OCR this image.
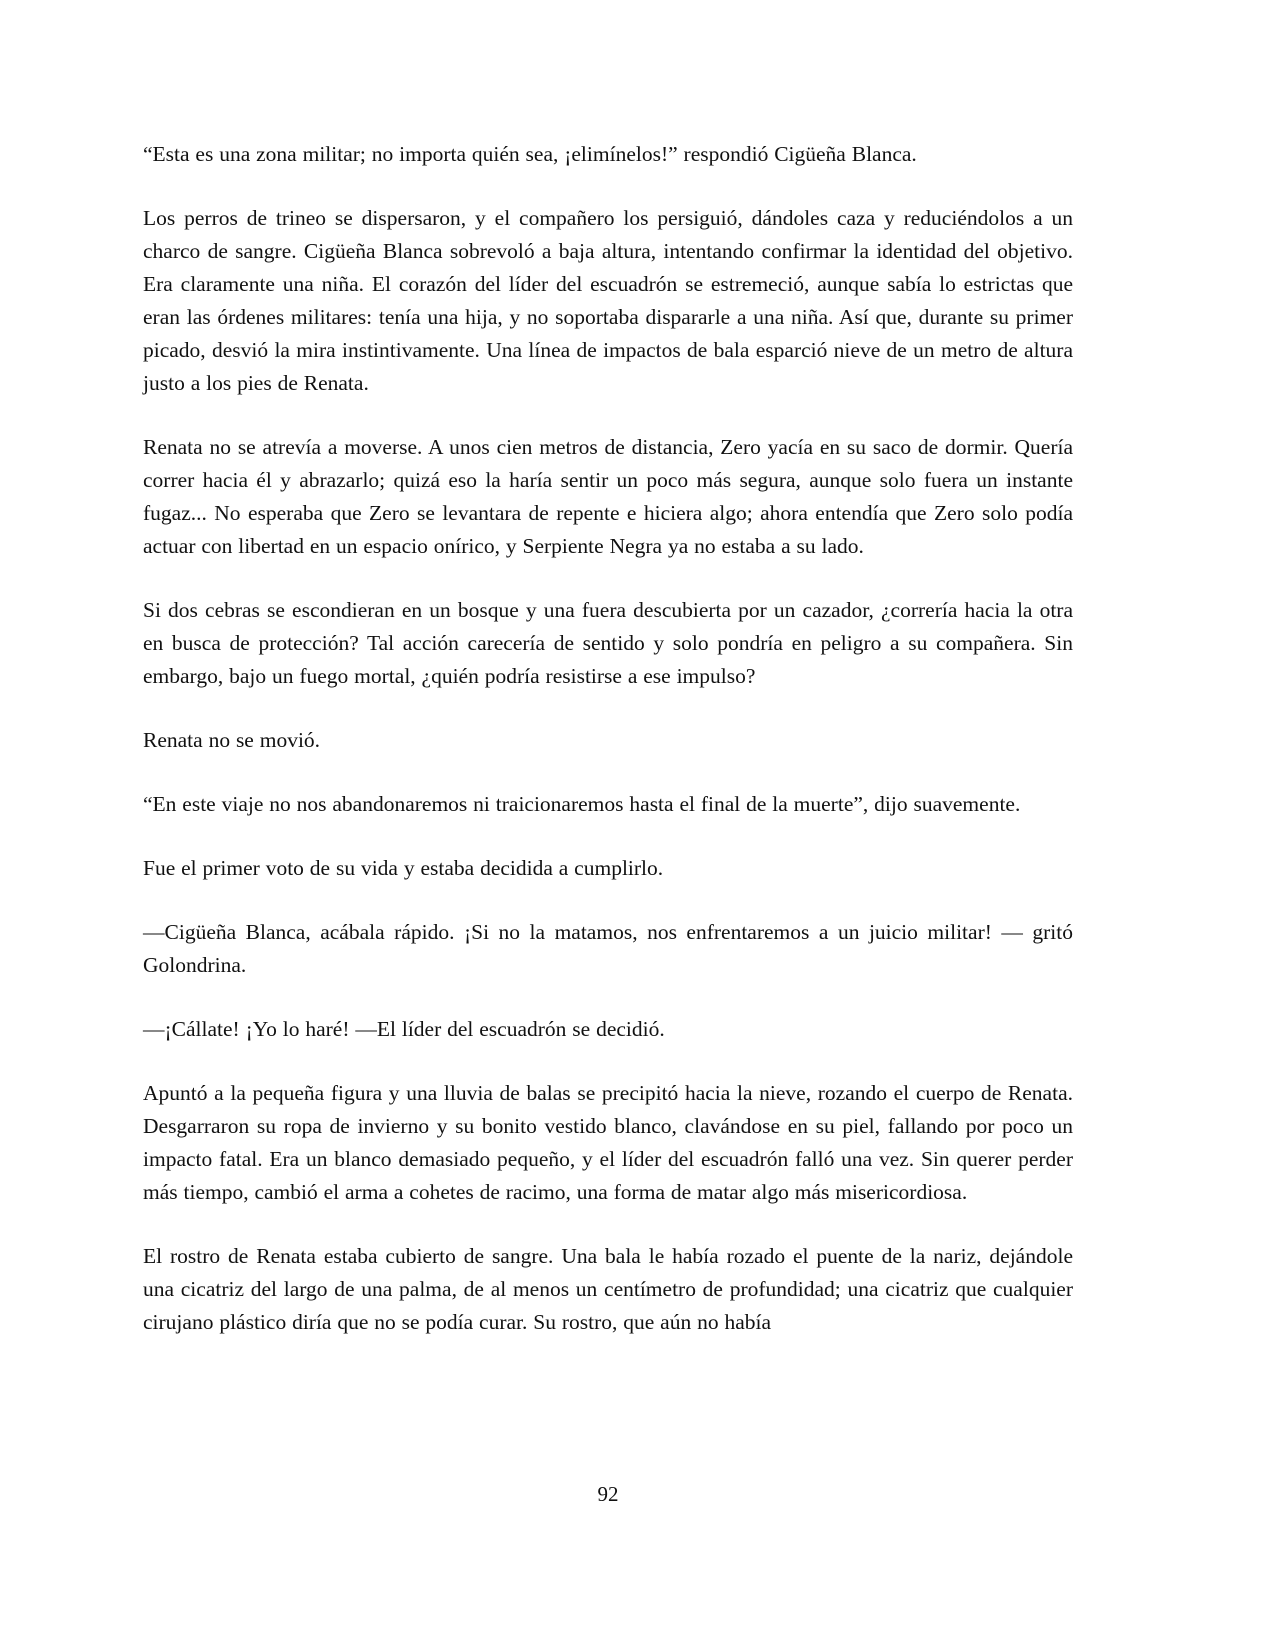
“Esta es una zona militar; no importa quién sea, ¡elimínelos!” respondió Cigüeña Blanca.

Los perros de trineo se dispersaron, y el compañero los persiguió, dándoles caza y reduciéndolos a un charco de sangre. Cigüeña Blanca sobrevoló a baja altura, intentando confirmar la identidad del objetivo. Era claramente una niña. El corazón del líder del escuadrón se estremeció, aunque sabía lo estrictas que eran las órdenes militares: tenía una hija, y no soportaba dispararle a una niña. Así que, durante su primer picado, desvió la mira instintivamente. Una línea de impactos de bala esparció nieve de un metro de altura justo a los pies de Renata.

Renata no se atrevía a moverse. A unos cien metros de distancia, Zero yacía en su saco de dormir. Quería correr hacia él y abrazarlo; quizá eso la haría sentir un poco más segura, aunque solo fuera un instante fugaz... No esperaba que Zero se levantara de repente e hiciera algo; ahora entendía que Zero solo podía actuar con libertad en un espacio onírico, y Serpiente Negra ya no estaba a su lado.

Si dos cebras se escondieran en un bosque y una fuera descubierta por un cazador, ¿correría hacia la otra en busca de protección? Tal acción carecería de sentido y solo pondría en peligro a su compañera. Sin embargo, bajo un fuego mortal, ¿quién podría resistirse a ese impulso?

Renata no se movió.

“En este viaje no nos abandonaremos ni traicionaremos hasta el final de la muerte”, dijo suavemente.

Fue el primer voto de su vida y estaba decidida a cumplirlo.

—Cigüeña Blanca, acábala rápido. ¡Si no la matamos, nos enfrentaremos a un juicio militar! — gritó Golondrina.

—¡Cállate! ¡Yo lo haré! —El líder del escuadrón se decidió.

Apuntó a la pequeña figura y una lluvia de balas se precipitó hacia la nieve, rozando el cuerpo de Renata. Desgarraron su ropa de invierno y su bonito vestido blanco, clavándose en su piel, fallando por poco un impacto fatal. Era un blanco demasiado pequeño, y el líder del escuadrón falló una vez. Sin querer perder más tiempo, cambió el arma a cohetes de racimo, una forma de matar algo más misericordiosa.

El rostro de Renata estaba cubierto de sangre. Una bala le había rozado el puente de la nariz, dejándole una cicatriz del largo de una palma, de al menos un centímetro de profundidad; una cicatriz que cualquier cirujano plástico diría que no se podía curar. Su rostro, que aún no había

92
